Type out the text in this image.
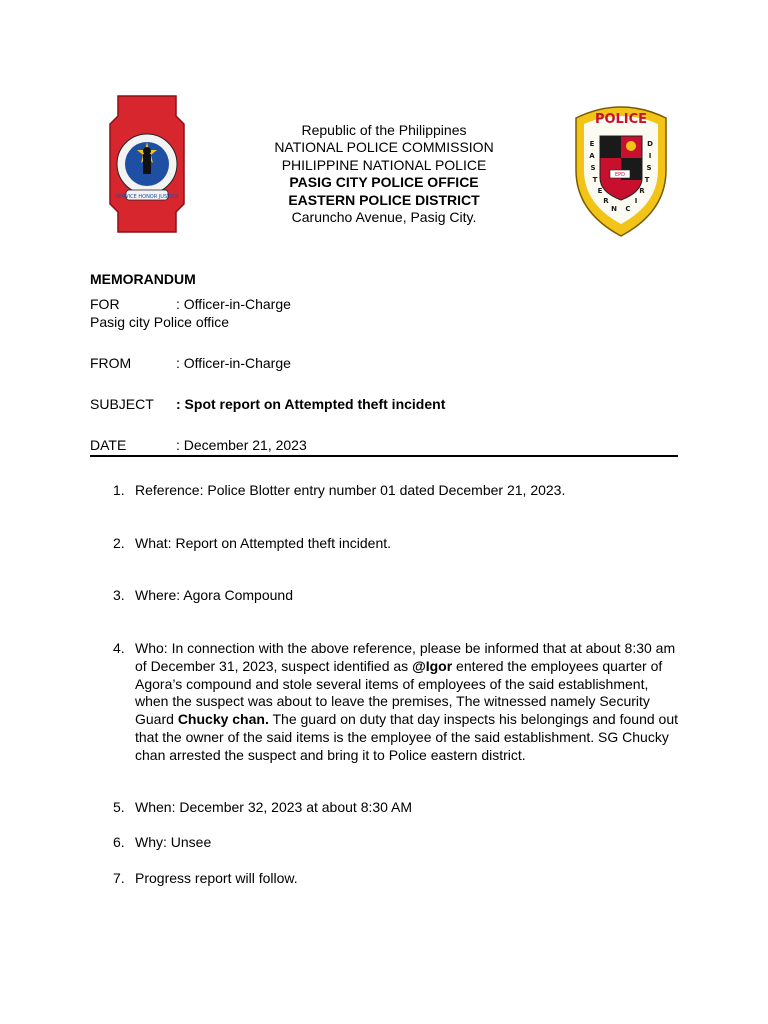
SERVICE HONOR JUSTICE
Republic of the Philippines
NATIONAL POLICE COMMISSION
PHILIPPINE NATIONAL POLICE
PASIG CITY POLICE OFFICE
EASTERN POLICE DISTRICT
Caruncho Avenue, Pasig City.
POLICE
EPD
E
A
S
T
E
R
N
D
I
S
T
R
I
C
MEMORANDUM
FOR	: Officer-in-Charge
Pasig city Police office
FROM	: Officer-in-Charge
SUBJECT : Spot report on Attempted theft incident
DATE	: December 21, 2023
1. Reference: Police Blotter entry number 01 dated December 21, 2023.
2. What: Report on Attempted theft incident.
3. Where: Agora Compound
4. Who: In connection with the above reference, please be informed that at about 8:30 am of December 31, 2023, suspect identified as @Igor entered the employees quarter of Agora’s compound and stole several items of employees of the said establishment, when the suspect was about to leave the premises, The witnessed namely Security Guard Chucky chan. The guard on duty that day inspects his belongings and found out that the owner of the said items is the employee of the said establishment. SG Chucky chan arrested the suspect and bring it to Police eastern district.
5. When: December 32, 2023 at about 8:30 AM
6. Why: Unsee
7. Progress report will follow.
